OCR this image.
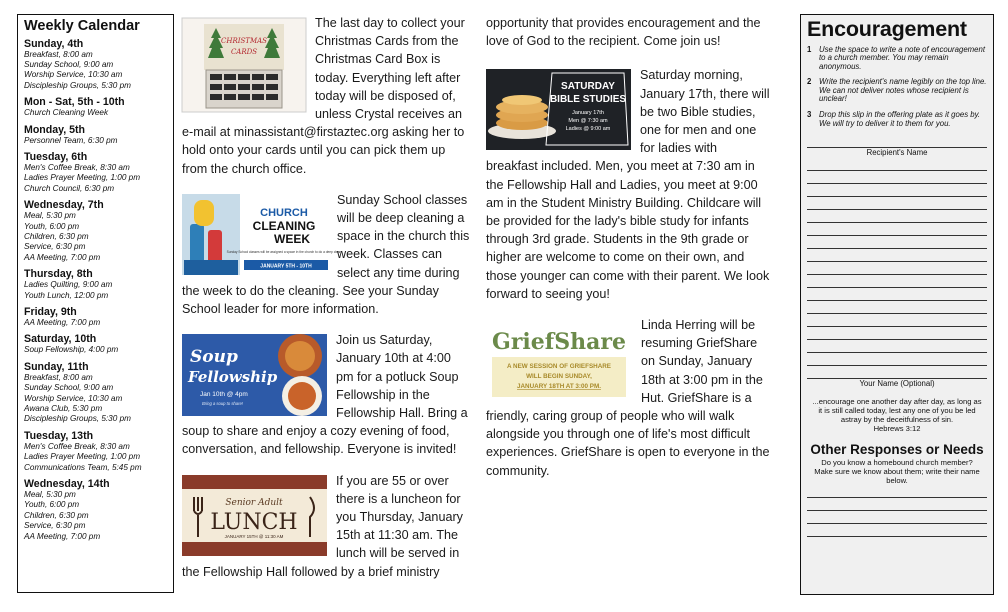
Weekly Calendar
Sunday, 4th
Breakfast, 8:00 am
Sunday School, 9:00 am
Worship Service, 10:30 am
Discipleship Groups, 5:30 pm
Mon - Sat, 5th - 10th
Church Cleaning Week
Monday, 5th
Personnel Team, 6:30 pm
Tuesday, 6th
Men's Coffee Break, 8:30 am
Ladies Prayer Meeting, 1:00 pm
Church Council, 6:30 pm
Wednesday, 7th
Meal, 5:30 pm
Youth, 6:00 pm
Children, 6:30 pm
Service, 6:30 pm
AA Meeting, 7:00 pm
Thursday, 8th
Ladies Quilting, 9:00 am
Youth Lunch, 12:00 pm
Friday, 9th
AA Meeting, 7:00 pm
Saturday, 10th
Soup Fellowship, 4:00 pm
Sunday, 11th
Breakfast, 8:00 am
Sunday School, 9:00 am
Worship Service, 10:30 am
Awana Club, 5:30 pm
Discipleship Groups, 5:30 pm
Tuesday, 13th
Men's Coffee Break, 8:30 am
Ladies Prayer Meeting, 1:00 pm
Communications Team, 5:45 pm
Wednesday, 14th
Meal, 5:30 pm
Youth, 6:00 pm
Children, 6:30 pm
Service, 6:30 pm
AA Meeting, 7:00 pm
CHRISTMAS
CARDS

The last day to collect your Christmas Cards from the Christmas Card Box is today. Everything left after today will be disposed of, unless Crystal receives an e-mail at minassistant@firstaztec.org asking her to hold onto your cards until you can pick them up from the church office.

CHURCH
CLEANING
WEEK
Sunday School classes will be assigned a space in the church to do a deep clean
JANUARY 5TH - 10TH

Sunday School classes will be deep cleaning a space in the church this week. Classes can select any time during the week to do the cleaning. See your Sunday School leader for more information.

Soup
Fellowship
Jan 10th @ 4pm
Bring a soup to share!

Join us Saturday, January 10th at 4:00 pm for a potluck Soup Fellowship in the Fellowship Hall. Bring a soup to share and enjoy a cozy evening of food, conversation, and fellowship. Everyone is invited!

Senior Adult
LUNCH
JANUARY 15TH @ 11:30 AM

If you are 55 or over there is a luncheon for you Thursday, January 15th at 11:30 am. The lunch will be served in the Fellowship Hall followed by a brief ministry

opportunity that provides encouragement and the love of God to the recipient. Come join us!

SATURDAY
BIBLE STUDIES
January 17th
Men @ 7:30 am
Ladies @ 9:00 am

Saturday morning, January 17th, there will be two Bible studies, one for men and one for ladies with breakfast included. Men, you meet at 7:30 am in the Fellowship Hall and Ladies, you meet at 9:00 am in the Student Ministry Building. Childcare will be provided for the lady's bible study for infants through 3rd grade. Students in the 9th grade or higher are welcome to come on their own, and those younger can come with their parent. We look forward to seeing you!

GriefShare
A NEW SESSION OF GRIEFSHARE
WILL BEGIN SUNDAY,
JANUARY 18TH AT 3:00 PM.

Linda Herring will be resuming GriefShare on Sunday, January 18th at 3:00 pm in the Hut. GriefShare is a friendly, caring group of people who will walk alongside you through one of life's most difficult experiences. GriefShare is open to everyone in the community.

Encouragement
1 Use the space to write a note of encouragement to a church member. You may remain anonymous.
2 Write the recipient's name legibly on the top line. We can not deliver notes whose recipient is unclear!
3 Drop this slip in the offering plate as it goes by. We will try to deliver it to them for you.
Recipient's Name
Your Name (Optional)

...encourage one another day after day, as long as it is still called today, lest any one of you be led astray by the deceitfulness of sin.

Hebrews 3:12

Other Responses or Needs

Do you know a homebound church member? Make sure we know about them; write their name below.
